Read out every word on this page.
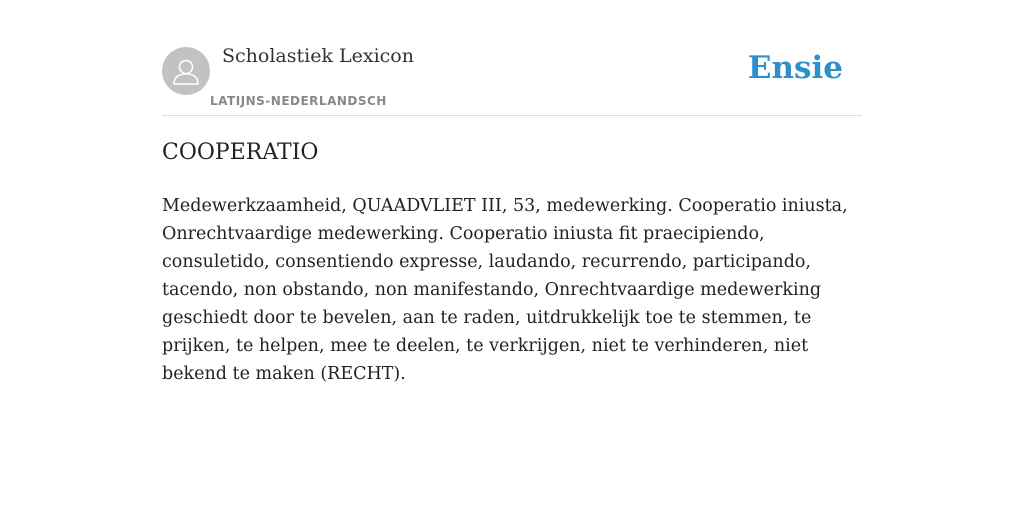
Scholastiek Lexicon
LATIJNS-NEDERLANDSCH
Ensie
COOPERATIO

Medewerkzaamheid, QUAADVLIET III, 53, medewerking. Cooperatio iniusta, Onrechtvaardige medewerking. Cooperatio iniusta fit praecipiendo, consuletido, consentiendo expresse, laudando, recurrendo, participando, tacendo, non obstando, non manifestando, Onrechtvaardige medewerking geschiedt door te bevelen, aan te raden, uitdrukkelijk toe te stemmen, te prijken, te helpen, mee te deelen, te verkrijgen, niet te verhinderen, niet bekend te maken (RECHT).
